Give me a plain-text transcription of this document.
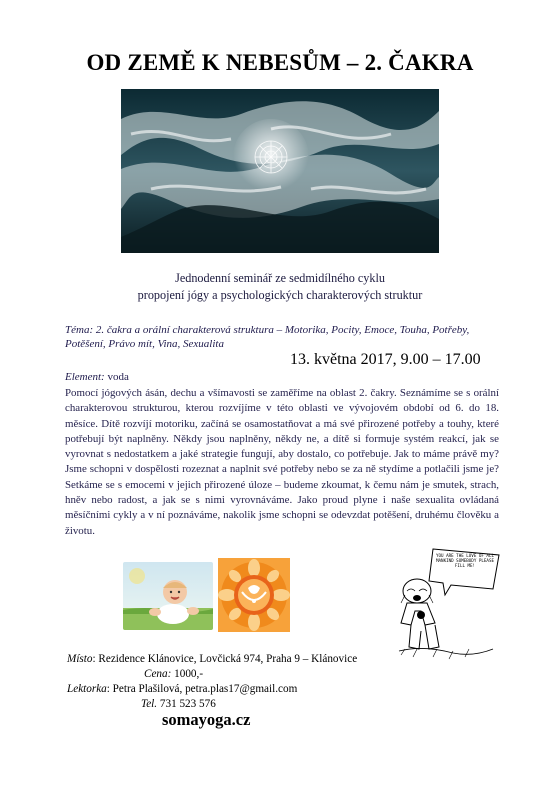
OD ZEMĚ K NEBESŮM – 2. ČAKRA
Jednodenní seminář ze sedmidílného cyklu
propojení jógy a psychologických charakterových struktur
Téma: 2. čakra a orální charakterová struktura – Motorika, Pocity, Emoce, Touha, Potřeby, Potěšení, Právo mít, Vina, Sexualita
13. května 2017, 9.00 – 17.00
Element: voda
Pomocí jógových ásán, dechu a všímavosti se zaměříme na oblast 2. čakry. Seznámíme se s orální charakterovou strukturou, kterou rozvíjíme v této oblasti ve vývojovém období od 6. do 18. měsíce. Dítě rozvíjí motoriku, začíná se osamostatňovat a má své přirozené potřeby a touhy, které potřebují být naplněny. Někdy jsou naplněny, někdy ne, a dítě si formuje systém reakcí, jak se vyrovnat s nedostatkem a jaké strategie fungují, aby dostalo, co potřebuje. Jak to máme právě my? Jsme schopni v dospělosti rozeznat a naplnit své potřeby nebo se za ně stydíme a potlačili jsme je? Setkáme se s emocemi v jejich přirozené úloze – budeme zkoumat, k čemu nám je smutek, strach, hněv nebo radost, a jak se s nimi vyrovnáváme. Jako proud plyne i naše sexualita ovládaná měsíčními cykly a v ní poznáváme, nakolik jsme schopni se odevzdat potěšení, druhému člověku a životu.
YOU ARE THE LOVE OF ALL MANKIND SOMEBODY PLEASE FILL ME!
Místo: Rezidence Klánovice, Lovčická 974, Praha 9 – Klánovice
Cena: 1000,-
Lektorka: Petra Plašilová, petra.plas17@gmail.com
Tel. 731 523 576
somayoga.cz
